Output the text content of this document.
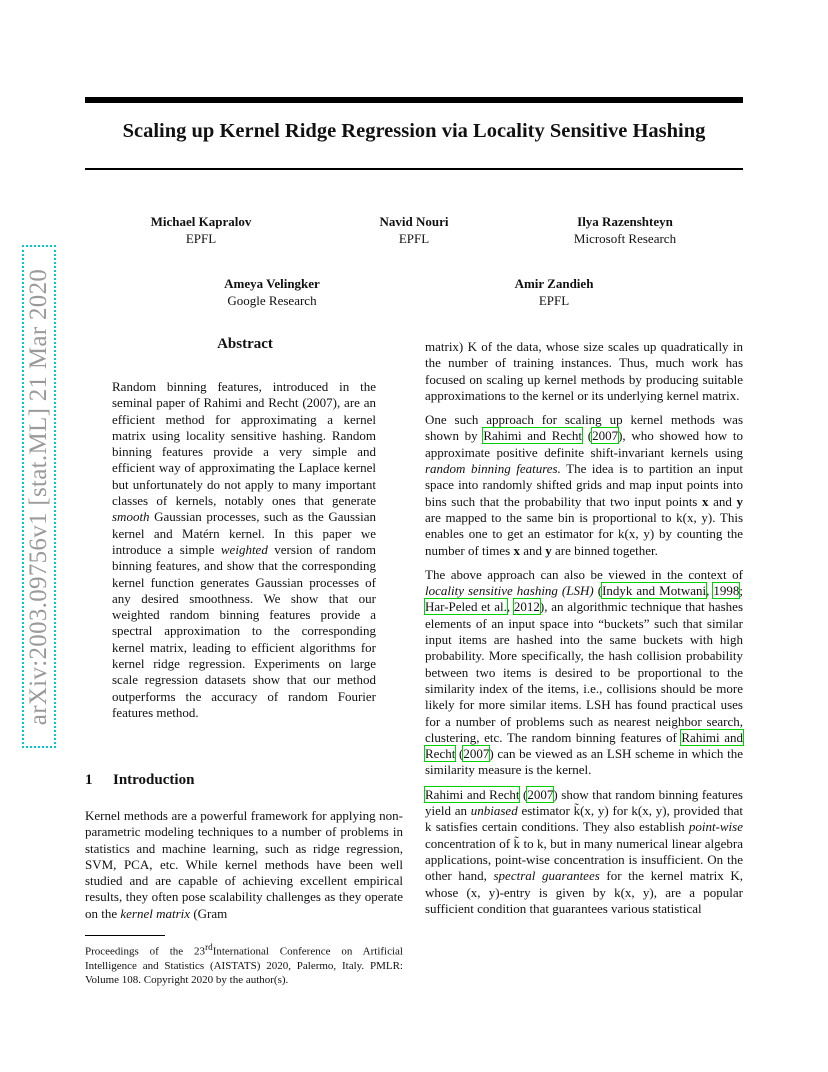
arXiv:2003.09756v1 [stat.ML] 21 Mar 2020
Scaling up Kernel Ridge Regression via Locality Sensitive Hashing
Michael Kapralov
EPFL
Navid Nouri
EPFL
Ilya Razenshteyn
Microsoft Research
Ameya Velingker
Google Research
Amir Zandieh
EPFL
Abstract
Random binning features, introduced in the seminal paper of Rahimi and Recht (2007), are an efficient method for approximating a kernel matrix using locality sensitive hashing. Random binning features provide a very simple and efficient way of approximating the Laplace kernel but unfortunately do not apply to many important classes of kernels, notably ones that generate smooth Gaussian processes, such as the Gaussian kernel and Matérn kernel. In this paper we introduce a simple weighted version of random binning features, and show that the corresponding kernel function generates Gaussian processes of any desired smoothness. We show that our weighted random binning features provide a spectral approximation to the corresponding kernel matrix, leading to efficient algorithms for kernel ridge regression. Experiments on large scale regression datasets show that our method outperforms the accuracy of random Fourier features method.
1 Introduction
Kernel methods are a powerful framework for applying non-parametric modeling techniques to a number of problems in statistics and machine learning, such as ridge regression, SVM, PCA, etc. While kernel methods have been well studied and are capable of achieving excellent empirical results, they often pose scalability challenges as they operate on the kernel matrix (Gram
Proceedings of the 23rdInternational Conference on Artificial Intelligence and Statistics (AISTATS) 2020, Palermo, Italy. PMLR: Volume 108. Copyright 2020 by the author(s).

matrix) K of the data, whose size scales up quadratically in the number of training instances. Thus, much work has focused on scaling up kernel methods by producing suitable approximations to the kernel or its underlying kernel matrix.

One such approach for scaling up kernel methods was shown by Rahimi and Recht (2007), who showed how to approximate positive definite shift-invariant kernels using random binning features. The idea is to partition an input space into randomly shifted grids and map input points into bins such that the probability that two input points x and y are mapped to the same bin is proportional to k(x, y). This enables one to get an estimator for k(x, y) by counting the number of times x and y are binned together.

The above approach can also be viewed in the context of locality sensitive hashing (LSH) (Indyk and Motwani, 1998; Har-Peled et al., 2012), an algorithmic technique that hashes elements of an input space into “buckets” such that similar input items are hashed into the same buckets with high probability. More specifically, the hash collision probability between two items is desired to be proportional to the similarity index of the items, i.e., collisions should be more likely for more similar items. LSH has found practical uses for a number of problems such as nearest neighbor search, clustering, etc. The random binning features of Rahimi and Recht (2007) can be viewed as an LSH scheme in which the similarity measure is the kernel.

Rahimi and Recht (2007) show that random binning features yield an unbiased estimator k̃(x, y) for k(x, y), provided that k satisfies certain conditions. They also establish point-wise concentration of k̃ to k, but in many numerical linear algebra applications, point-wise concentration is insufficient. On the other hand, spectral guarantees for the kernel matrix K, whose (x, y)-entry is given by k(x, y), are a popular sufficient condition that guarantees various statistical
